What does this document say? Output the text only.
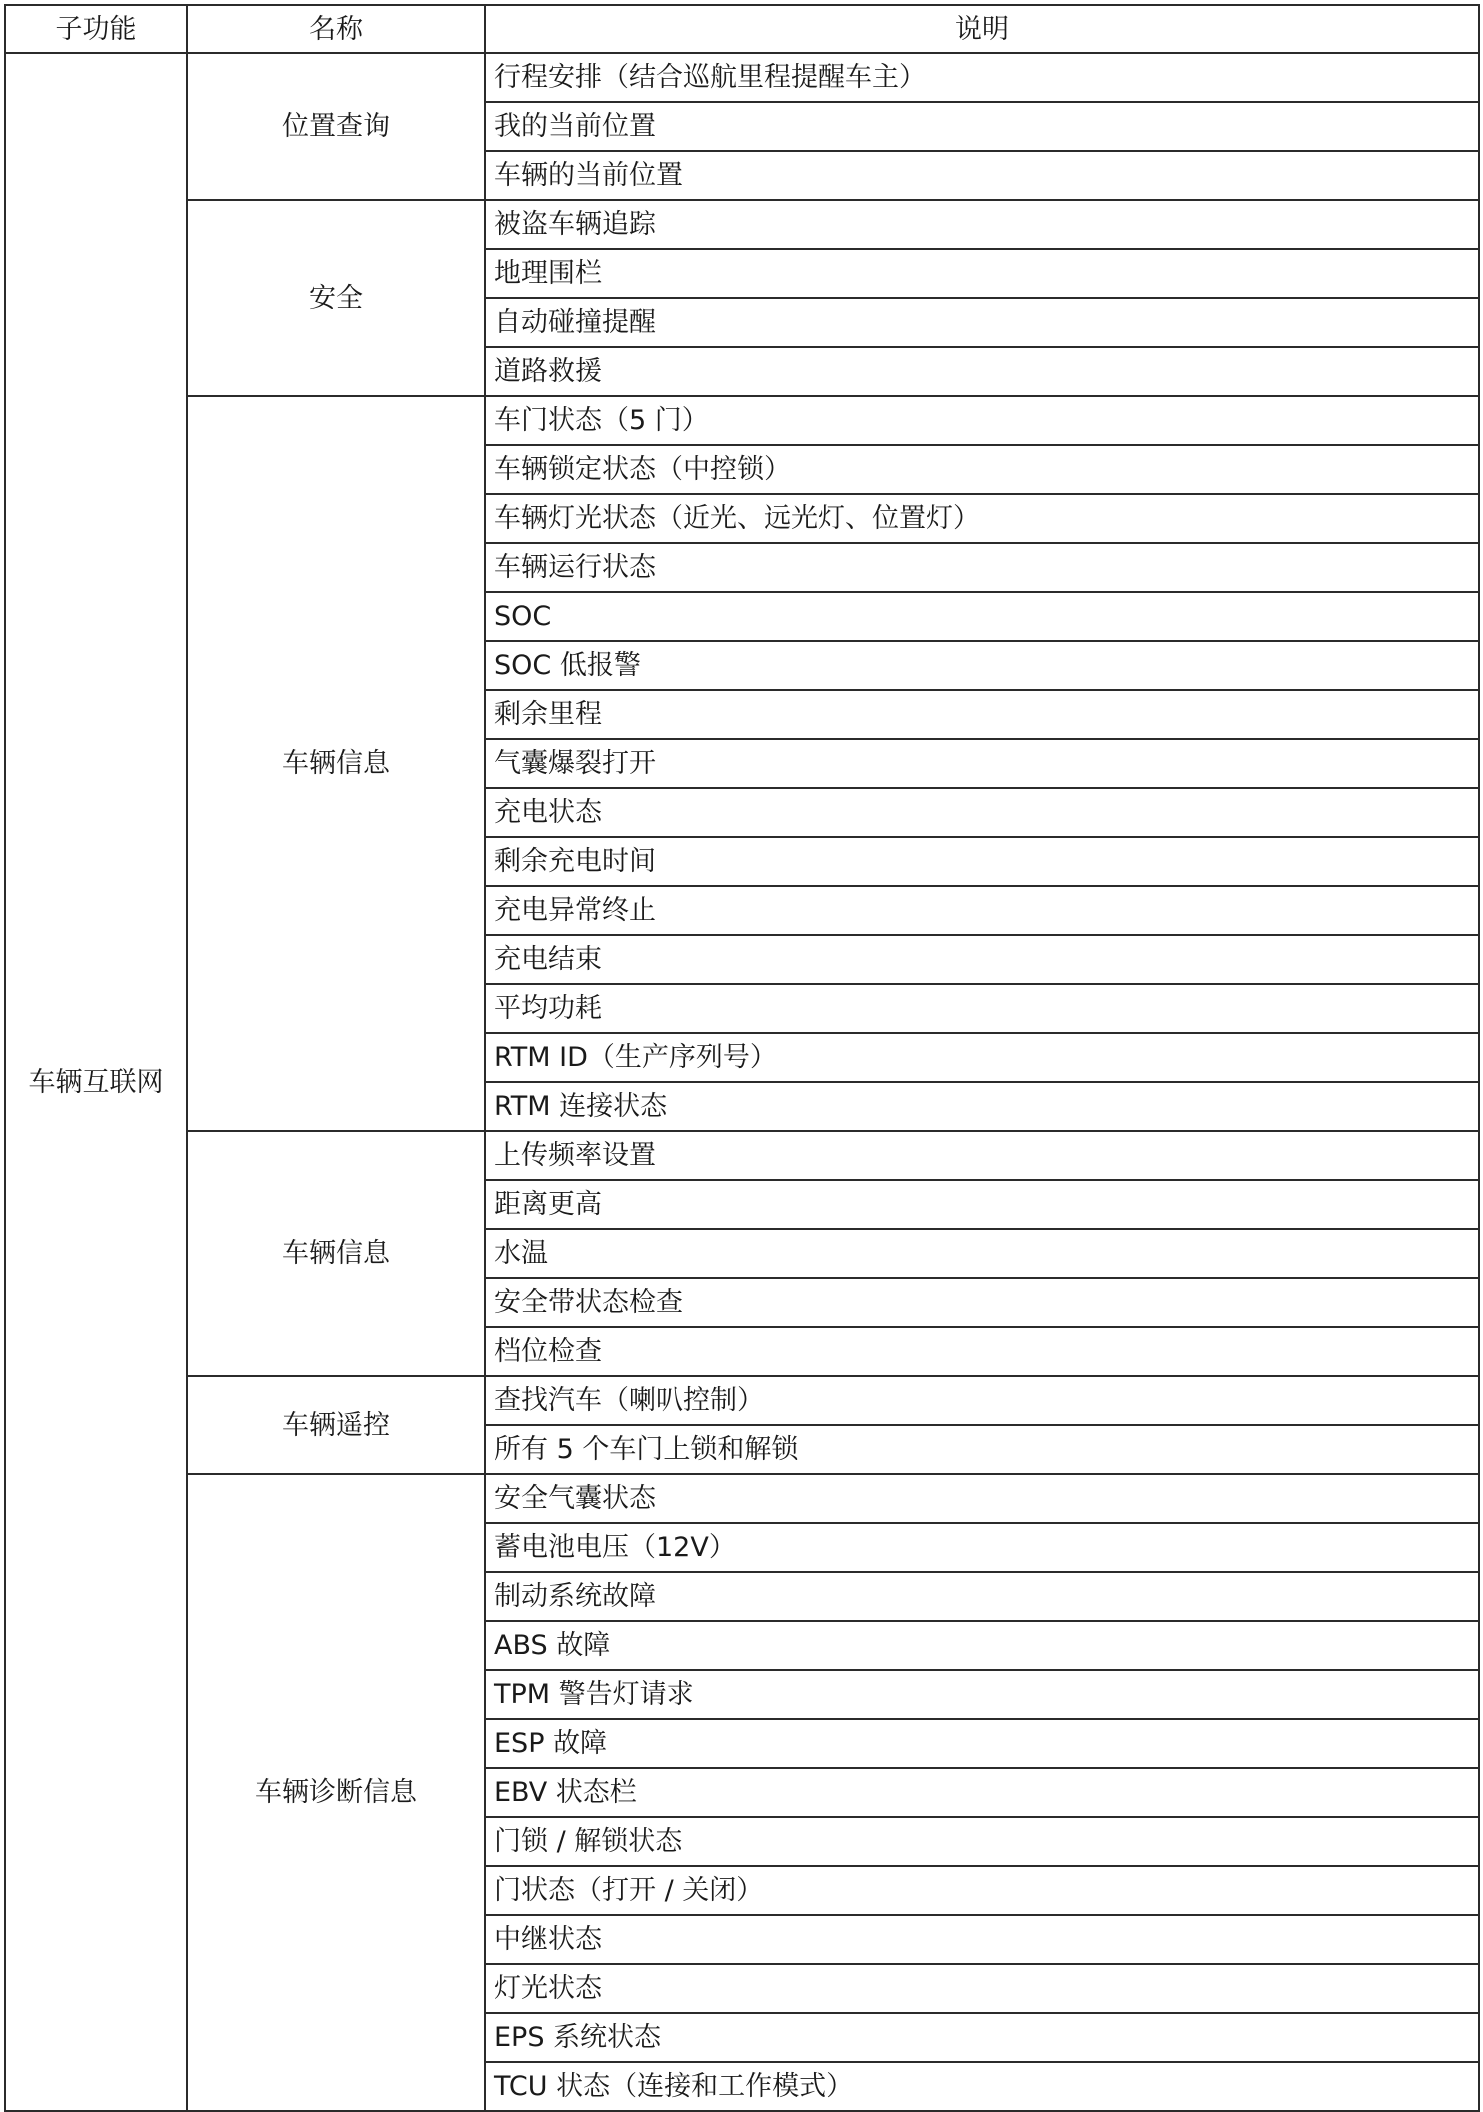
子功能	名称	说明
车辆互联网	位置查询	行程安排（结合巡航里程提醒车主）
		我的当前位置
		车辆的当前位置
	安全	被盗车辆追踪
		地理围栏
		自动碰撞提醒
		道路救援
	车辆信息	车门状态（5 门）
		车辆锁定状态（中控锁）
		车辆灯光状态（近光、远光灯、位置灯）
		车辆运行状态
		SOC
		SOC 低报警
		剩余里程
		气囊爆裂打开
		充电状态
		剩余充电时间
		充电异常终止
		充电结束
		平均功耗
		RTM ID（生产序列号）
		RTM 连接状态
	车辆信息	上传频率设置
		距离更高
		水温
		安全带状态检查
		档位检查
	车辆遥控	查找汽车（喇叭控制）
		所有 5 个车门上锁和解锁
	车辆诊断信息	安全气囊状态
		蓄电池电压（12V）
		制动系统故障
		ABS 故障
		TPM 警告灯请求
		ESP 故障
		EBV 状态栏
		门锁 / 解锁状态
		门状态（打开 / 关闭）
		中继状态
		灯光状态
		EPS 系统状态
		TCU 状态（连接和工作模式）
